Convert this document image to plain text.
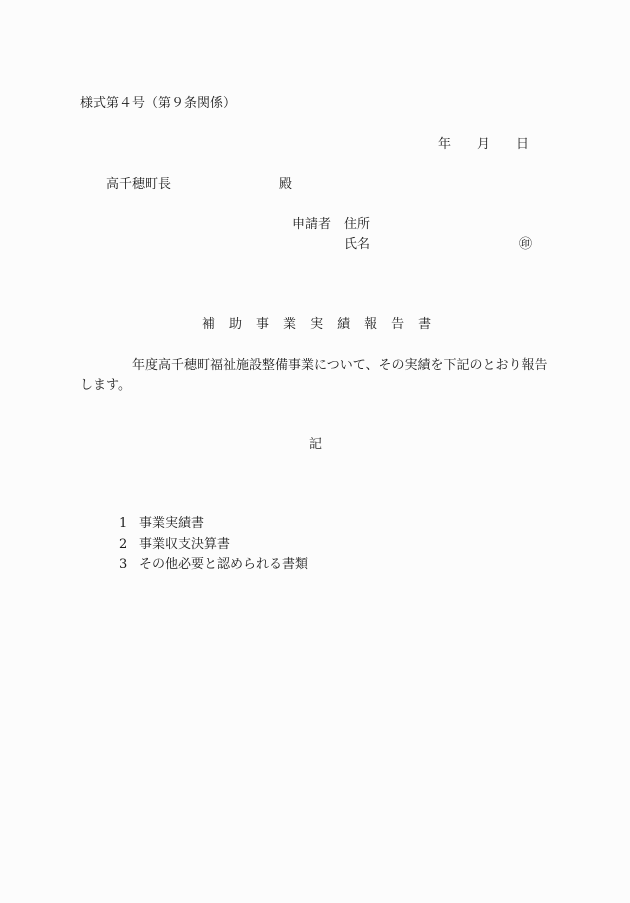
様式第４号（第９条関係）
年 月 日
高千穂町長	殿
申請者 住所
氏名	㊞
補 助 事 業 実 績 報 告 書
年度高千穂町福祉施設整備事業について、その実績を下記のとおり報告します。
記
1 事業実績書
2 事業収支決算書
3 その他必要と認められる書類
